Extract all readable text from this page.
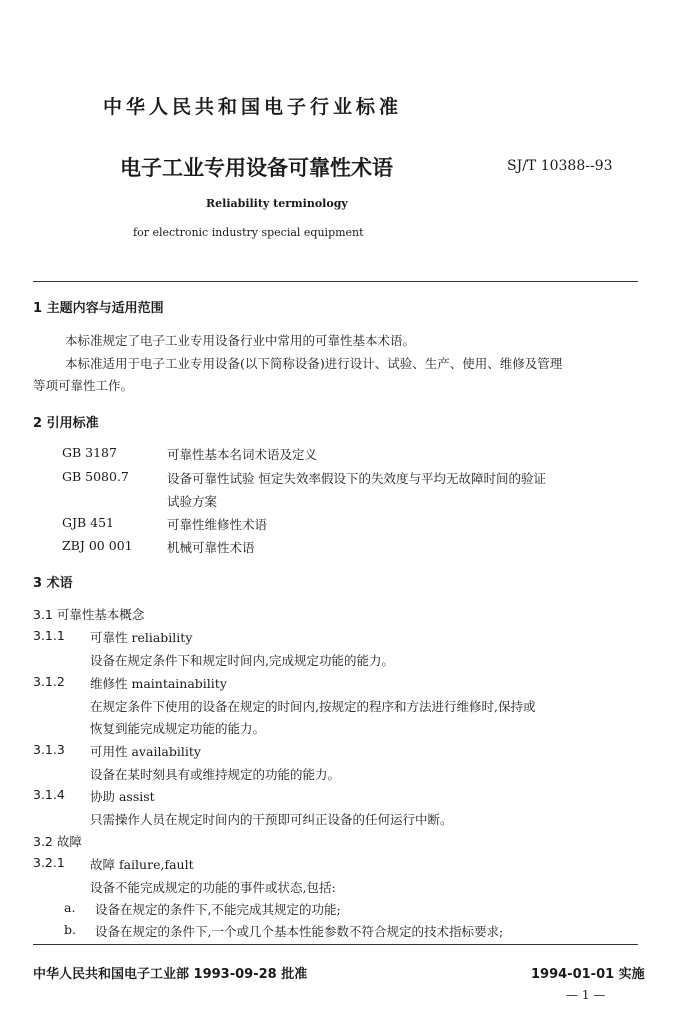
中华人民共和国电子行业标准
电子工业专用设备可靠性术语	SJ/T 10388--93
Reliability terminology
for electronic industry special equipment
1 主题内容与适用范围
本标准规定了电子工业专用设备行业中常用的可靠性基本术语。
本标准适用于电子工业专用设备(以下简称设备)进行设计、试验、生产、使用、维修及管理
等项可靠性工作。
2 引用标准
GB 3187	可靠性基本名词术语及定义
GB 5080.7	设备可靠性试验 恒定失效率假设下的失效度与平均无故障时间的验证
试验方案
GJB 451	可靠性维修性术语
ZBJ 00 001	机械可靠性术语
3 术语
3.1 可靠性基本概念
3.1.1 可靠性 reliability
设备在规定条件下和规定时间内,完成规定功能的能力。
3.1.2 维修性 maintainability
在规定条件下使用的设备在规定的时间内,按规定的程序和方法进行维修时,保持或
恢复到能完成规定功能的能力。
3.1.3 可用性 availability
设备在某时刻具有或维持规定的功能的能力。
3.1.4 协助 assist
只需操作人员在规定时间内的干预即可纠正设备的任何运行中断。
3.2 故障
3.2.1 故障 failure,fault
设备不能完成规定的功能的事件或状态,包括:
a. 设备在规定的条件下,不能完成其规定的功能;
b. 设备在规定的条件下,一个或几个基本性能参数不符合规定的技术指标要求;
中华人民共和国电子工业部 1993-09-28 批准	1994-01-01 实施
— 1 —
